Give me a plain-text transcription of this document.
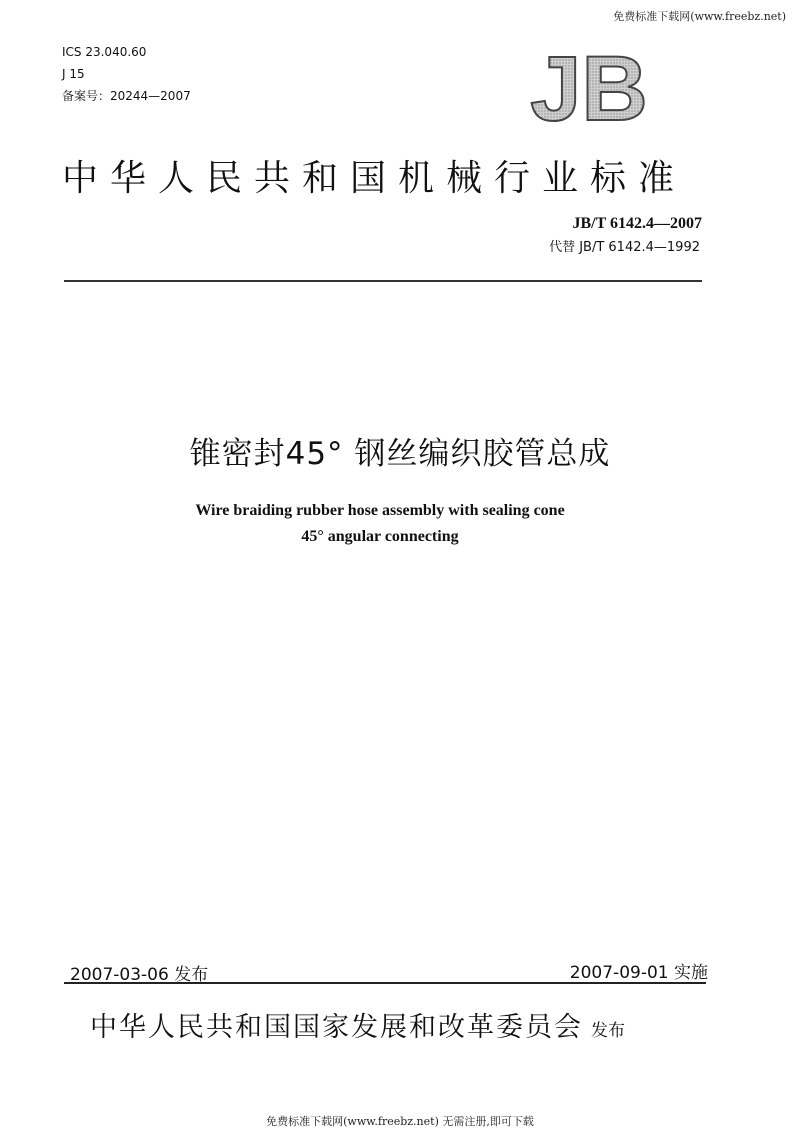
免费标准下载网(www.freebz.net)
ICS 23.040.60
J 15
备案号：20244—2007	JB
中华人民共和国机械行业标准
JB/T 6142.4—2007
代替 JB/T 6142.4—1992
锥密封45° 钢丝编织胶管总成
Wire braiding rubber hose assembly with sealing cone
45° angular connecting
2007-03-06 发布	2007-09-01 实施
中华人民共和国国家发展和改革委员会 发布
免费标准下载网(www.freebz.net) 无需注册,即可下载
